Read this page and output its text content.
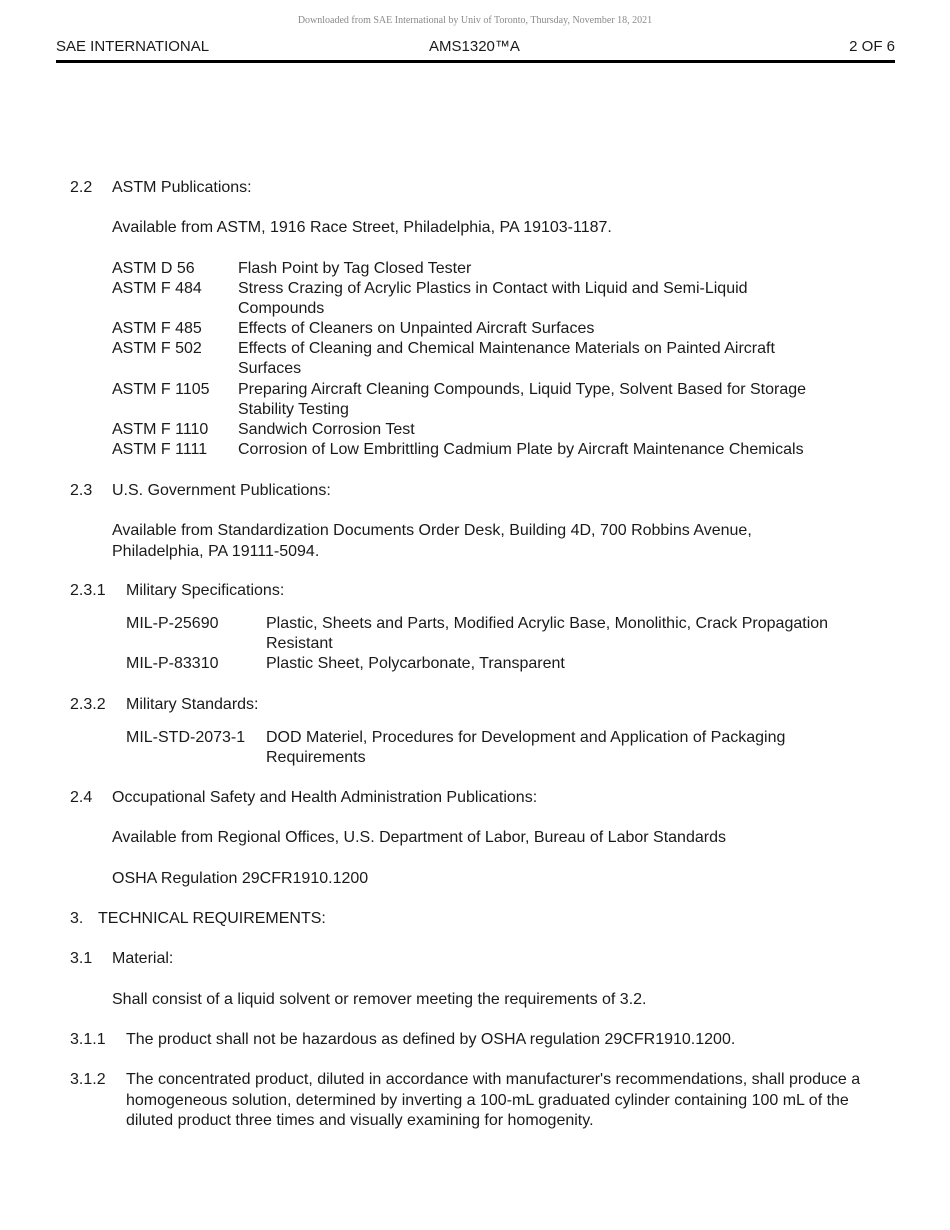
Downloaded from SAE International by Univ of Toronto, Thursday, November 18, 2021
SAE INTERNATIONAL	AMS1320™A	2 OF 6
2.2 ASTM Publications:
Available from ASTM, 1916 Race Street, Philadelphia, PA 19103-1187.
ASTM D 56	Flash Point by Tag Closed Tester
ASTM F 484 Stress Crazing of Acrylic Plastics in Contact with Liquid and Semi-Liquid Compounds
ASTM F 485 Effects of Cleaners on Unpainted Aircraft Surfaces
ASTM F 502 Effects of Cleaning and Chemical Maintenance Materials on Painted Aircraft Surfaces
ASTM F 1105 Preparing Aircraft Cleaning Compounds, Liquid Type, Solvent Based for Storage Stability Testing
ASTM F 1110 Sandwich Corrosion Test
ASTM F 1111 Corrosion of Low Embrittling Cadmium Plate by Aircraft Maintenance Chemicals
2.3 U.S. Government Publications:
Available from Standardization Documents Order Desk, Building 4D, 700 Robbins Avenue, Philadelphia, PA 19111-5094.
2.3.1 Military Specifications:
MIL-P-25690	Plastic, Sheets and Parts, Modified Acrylic Base, Monolithic, Crack Propagation Resistant
MIL-P-83310	Plastic Sheet, Polycarbonate, Transparent
2.3.2 Military Standards:
MIL-STD-2073-1 DOD Materiel, Procedures for Development and Application of Packaging Requirements
2.4 Occupational Safety and Health Administration Publications:
Available from Regional Offices, U.S. Department of Labor, Bureau of Labor Standards
OSHA Regulation 29CFR1910.1200
3. TECHNICAL REQUIREMENTS:
3.1 Material:
Shall consist of a liquid solvent or remover meeting the requirements of 3.2.
3.1.1 The product shall not be hazardous as defined by OSHA regulation 29CFR1910.1200.
3.1.2 The concentrated product, diluted in accordance with manufacturer's recommendations, shall produce a homogeneous solution, determined by inverting a 100-mL graduated cylinder containing 100 mL of the diluted product three times and visually examining for homogenity.
